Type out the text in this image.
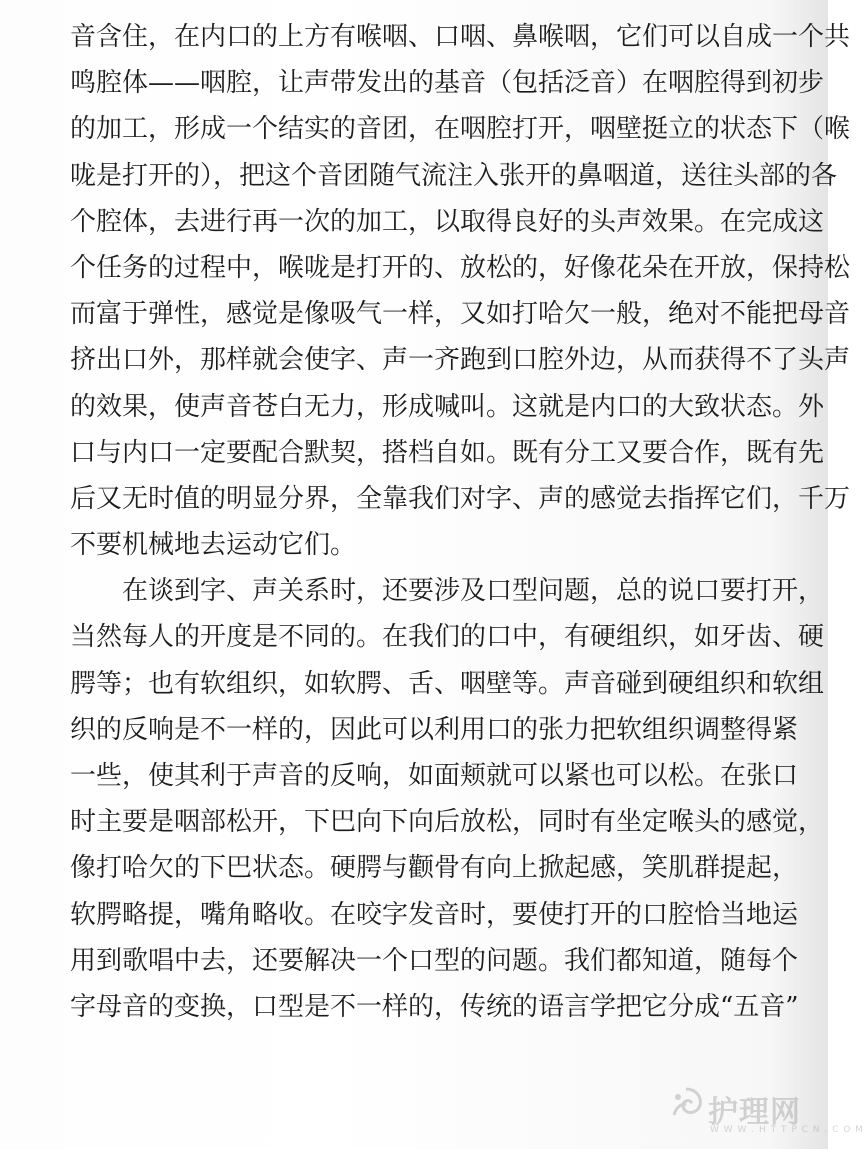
音含住，在内口的上方有喉咽、口咽、鼻喉咽，它们可以自成一个共
鸣腔体——咽腔，让声带发出的基音（包括泛音）在咽腔得到初步
的加工，形成一个结实的音团，在咽腔打开，咽壁挺立的状态下（喉
咙是打开的），把这个音团随气流注入张开的鼻咽道，送往头部的各
个腔体，去进行再一次的加工，以取得良好的头声效果。在完成这
个任务的过程中，喉咙是打开的、放松的，好像花朵在开放，保持松
而富于弹性，感觉是像吸气一样，又如打哈欠一般，绝对不能把母音
挤出口外，那样就会使字、声一齐跑到口腔外边，从而获得不了头声
的效果，使声音苍白无力，形成喊叫。这就是内口的大致状态。外
口与内口一定要配合默契，搭档自如。既有分工又要合作，既有先
后又无时值的明显分界，全靠我们对字、声的感觉去指挥它们，千万
不要机械地去运动它们。
在谈到字、声关系时，还要涉及口型问题，总的说口要打开，
当然每人的开度是不同的。在我们的口中，有硬组织，如牙齿、硬
腭等；也有软组织，如软腭、舌、咽壁等。声音碰到硬组织和软组
织的反响是不一样的，因此可以利用口的张力把软组织调整得紧
一些，使其利于声音的反响，如面颊就可以紧也可以松。在张口
时主要是咽部松开，下巴向下向后放松，同时有坐定喉头的感觉，
像打哈欠的下巴状态。硬腭与颧骨有向上掀起感，笑肌群提起，
软腭略提，嘴角略收。在咬字发音时，要使打开的口腔恰当地运
用到歌唱中去，还要解决一个口型的问题。我们都知道，随每个
字母音的变换，口型是不一样的，传统的语言学把它分成“五音”
护理网
W W W . H T T P C N . C O M
